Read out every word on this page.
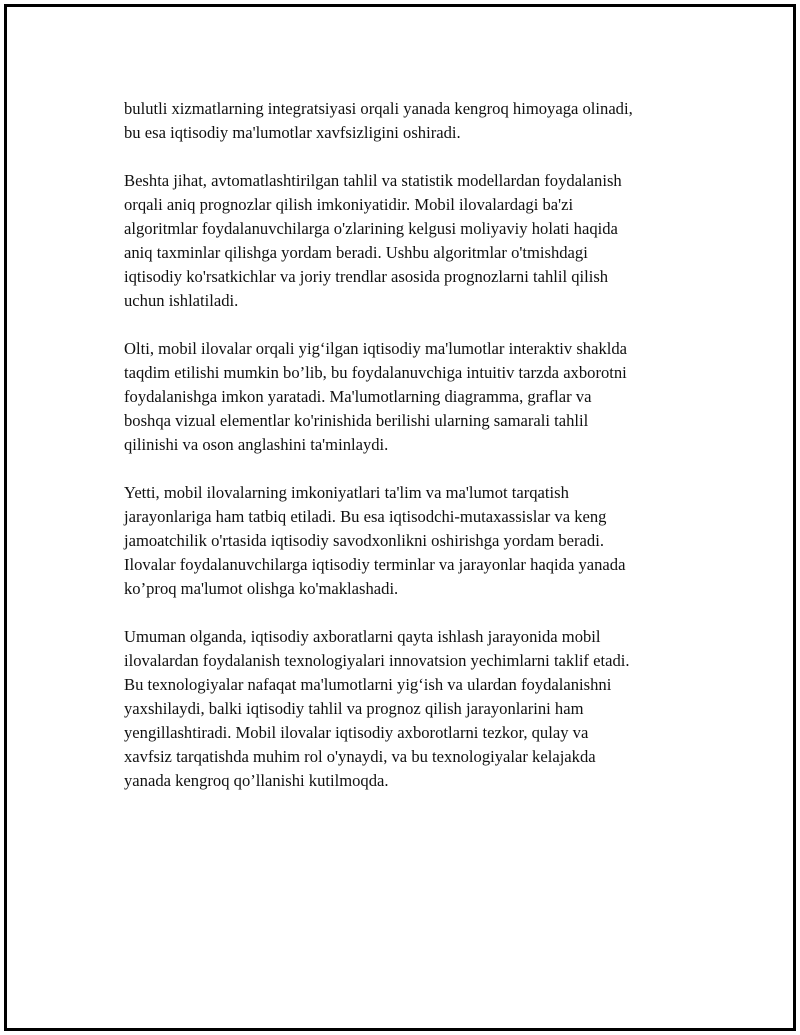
bulutli xizmatlarning integratsiyasi orqali yanada kengroq himoyaga olinadi,
bu esa iqtisodiy ma'lumotlar xavfsizligini oshiradi.

Beshta jihat, avtomatlashtirilgan tahlil va statistik modellardan foydalanish
orqali aniq prognozlar qilish imkoniyatidir. Mobil ilovalardagi ba'zi
algoritmlar foydalanuvchilarga o'zlarining kelgusi moliyaviy holati haqida
aniq taxminlar qilishga yordam beradi. Ushbu algoritmlar o'tmishdagi
iqtisodiy ko'rsatkichlar va joriy trendlar asosida prognozlarni tahlil qilish
uchun ishlatiladi.

Olti, mobil ilovalar orqali yig‘ilgan iqtisodiy ma'lumotlar interaktiv shaklda
taqdim etilishi mumkin bo’lib, bu foydalanuvchiga intuitiv tarzda axborotni
foydalanishga imkon yaratadi. Ma'lumotlarning diagramma, graflar va
boshqa vizual elementlar ko'rinishida berilishi ularning samarali tahlil
qilinishi va oson anglashini ta'minlaydi.

Yetti, mobil ilovalarning imkoniyatlari ta'lim va ma'lumot tarqatish
jarayonlariga ham tatbiq etiladi. Bu esa iqtisodchi-mutaxassislar va keng
jamoatchilik o'rtasida iqtisodiy savodxonlikni oshirishga yordam beradi.
Ilovalar foydalanuvchilarga iqtisodiy terminlar va jarayonlar haqida yanada
ko’proq ma'lumot olishga ko'maklashadi.

Umuman olganda, iqtisodiy axboratlarni qayta ishlash jarayonida mobil
ilovalardan foydalanish texnologiyalari innovatsion yechimlarni taklif etadi.
Bu texnologiyalar nafaqat ma'lumotlarni yig‘ish va ulardan foydalanishni
yaxshilaydi, balki iqtisodiy tahlil va prognoz qilish jarayonlarini ham
yengillashtiradi. Mobil ilovalar iqtisodiy axborotlarni tezkor, qulay va
xavfsiz tarqatishda muhim rol o'ynaydi, va bu texnologiyalar kelajakda
yanada kengroq qo’llanishi kutilmoqda.
